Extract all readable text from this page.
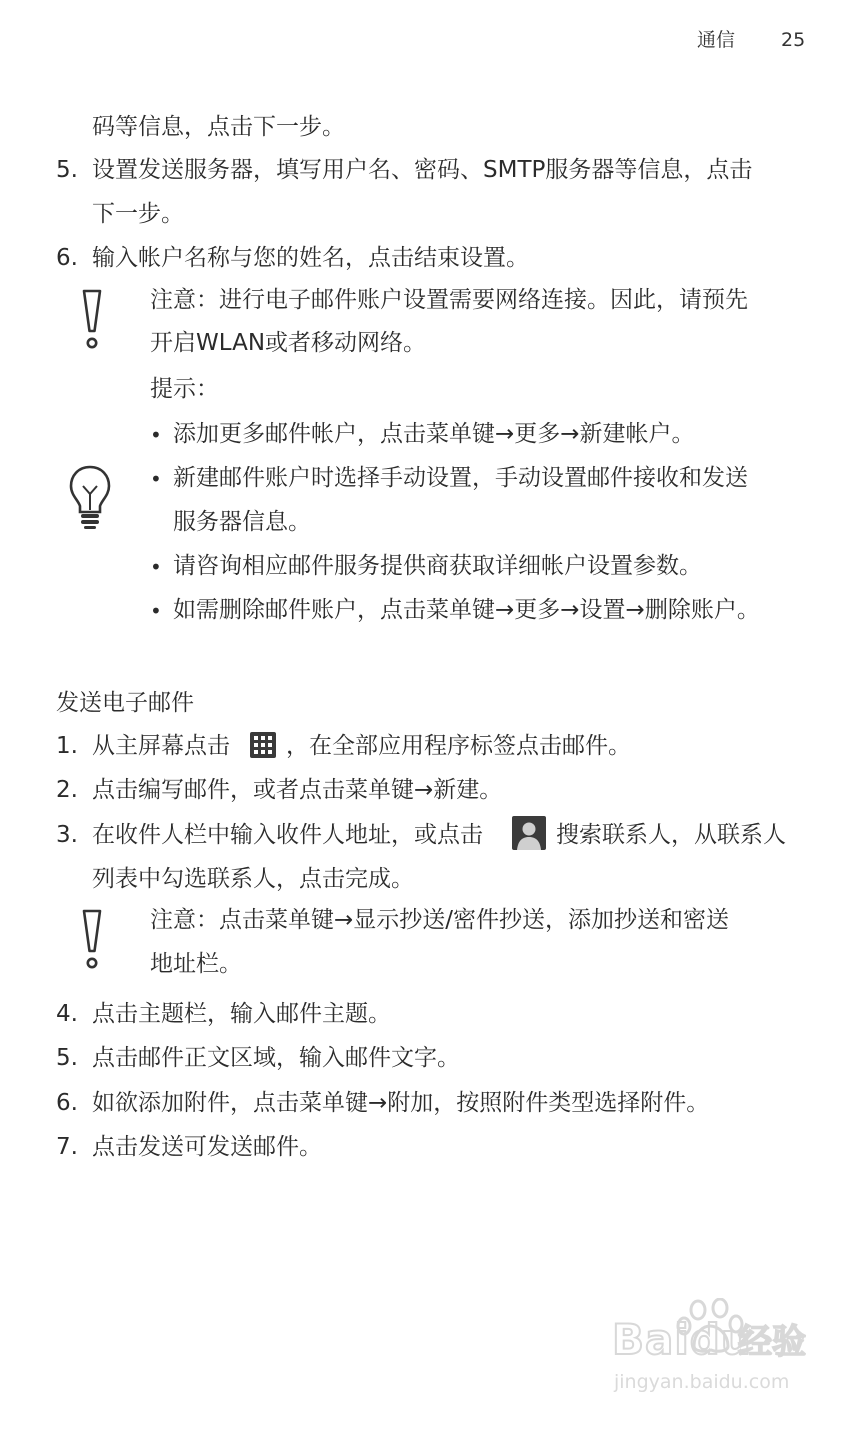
通信 25
码等信息，点击下一步。
5. 设置发送服务器，填写用户名、密码、SMTP服务器等信息，点击
下一步。
6. 输入帐户名称与您的姓名，点击结束设置。
注意：进行电子邮件账户设置需要网络连接。因此，请预先
开启WLAN或者移动网络。
提示：
• 添加更多邮件帐户，点击菜单键→更多→新建帐户。
• 新建邮件账户时选择手动设置，手动设置邮件接收和发送
服务器信息。
• 请咨询相应邮件服务提供商获取详细帐户设置参数。
• 如需删除邮件账户，点击菜单键→更多→设置→删除账户。
发送电子邮件
1. 从主屏幕点击 ，在全部应用程序标签点击邮件。
2. 点击编写邮件，或者点击菜单键→新建。
3. 在收件人栏中输入收件人地址，或点击	搜索联系人，从联系人
列表中勾选联系人，点击完成。
注意：点击菜单键→显示抄送/密件抄送，添加抄送和密送
地址栏。
4. 点击主题栏，输入邮件主题。
5. 点击邮件正文区域，输入邮件文字。
6. 如欲添加附件，点击菜单键→附加，按照附件类型选择附件。
7. 点击发送可发送邮件。
Baidu
经验
jingyan.baidu.com
